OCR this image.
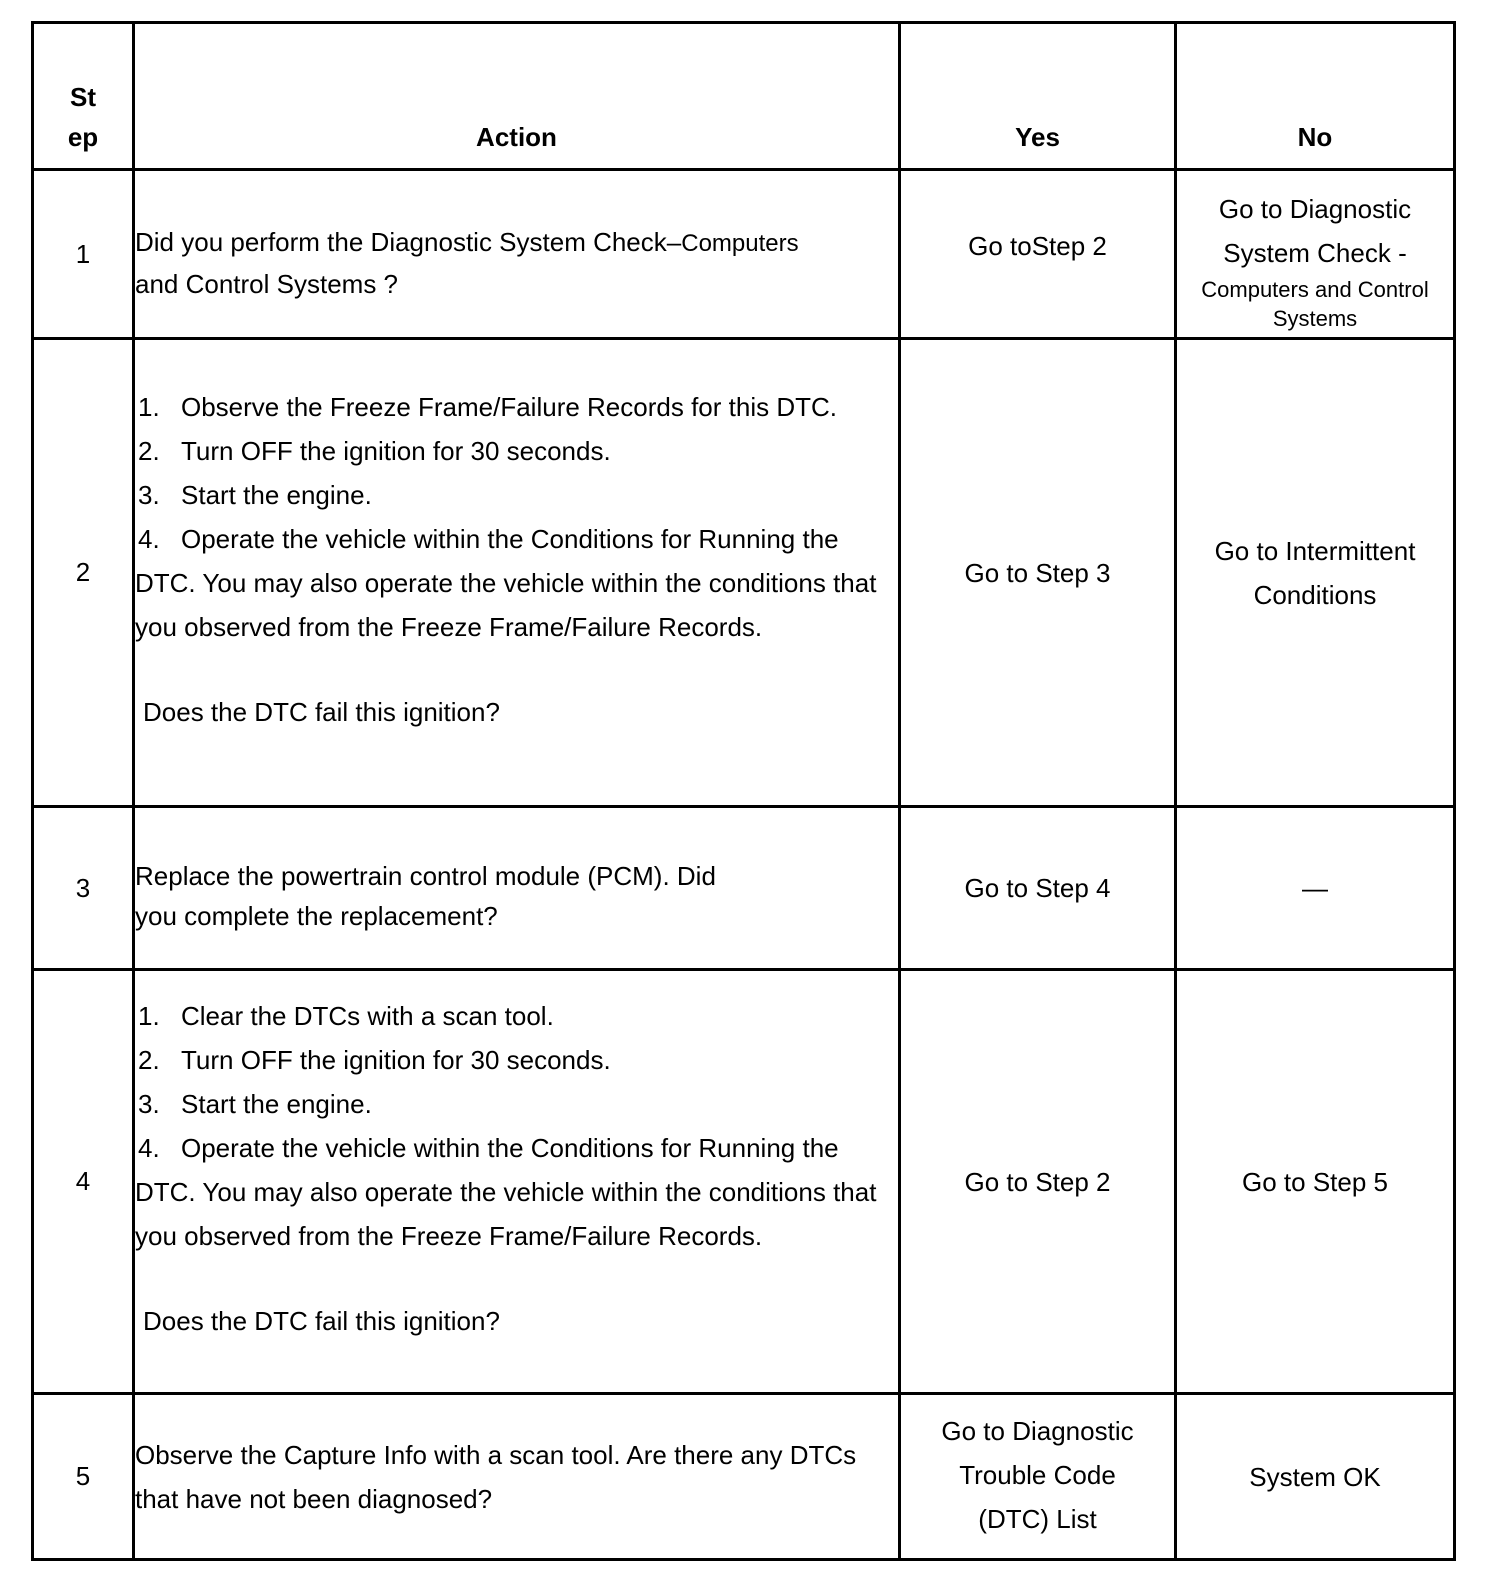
St ep	Action	Yes	No

1	Did you perform the Diagnostic System Check–Computers
and Control Systems ?	Go toStep 2	Go to Diagnostic
System Check -
Computers and Control Systems

2	1. Observe the Freeze Frame/Failure Records for this DTC.

2. Turn OFF the ignition for 30 seconds.

3. Start the engine.

4. Operate the vehicle within the Conditions for Running the DTC. You may also operate the vehicle within the conditions that you observed from the Freeze Frame/Failure Records.

Does the DTC fail this ignition?	Go to Step 3	Go to Intermittent Conditions
3	Replace the powertrain control module (PCM). Did you complete the replacement?	Go to Step 4	—
4	1. Clear the DTCs with a scan tool.

2. Turn OFF the ignition for 30 seconds.

3. Start the engine.

4. Operate the vehicle within the Conditions for Running the DTC. You may also operate the vehicle within the conditions that you observed from the Freeze Frame/Failure Records.

Does the DTC fail this ignition?	Go to Step 2	Go to Step 5
5	Observe the Capture Info with a scan tool. Are there any DTCs that have not been diagnosed?	Go to Diagnostic Trouble Code (DTC) List	System OK
